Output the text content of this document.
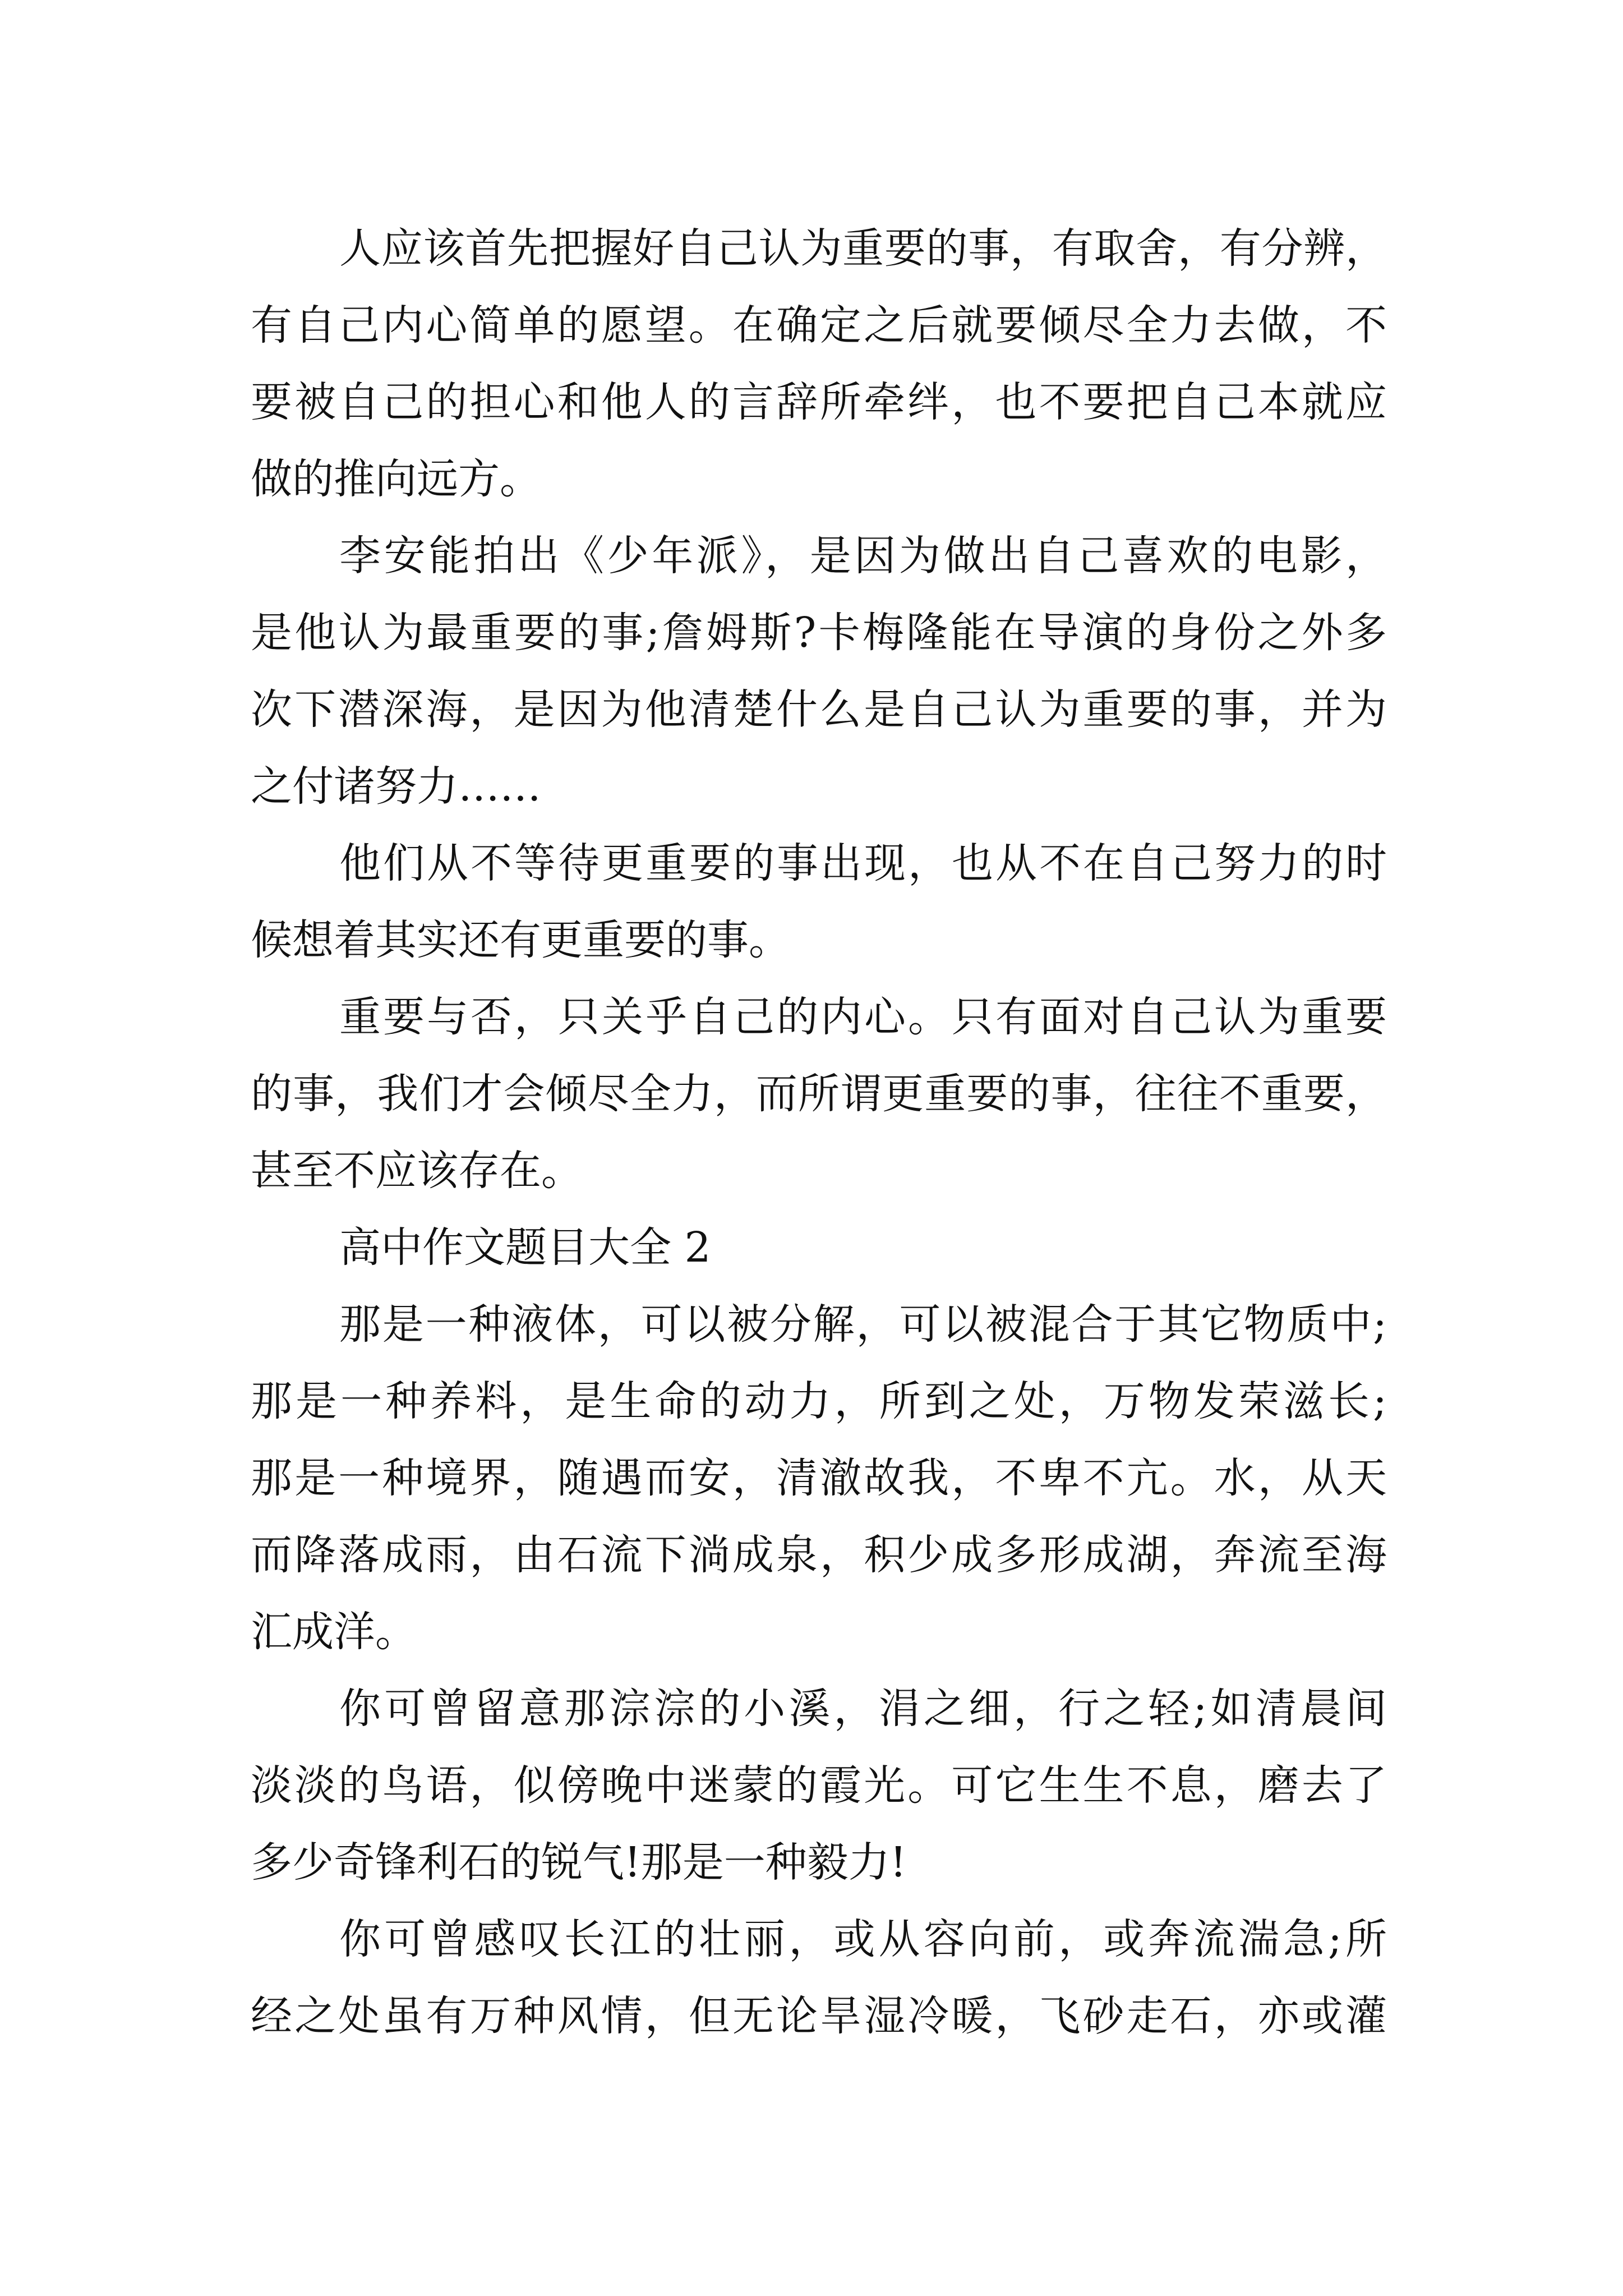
人应该首先把握好自己认为重要的事，有取舍，有分辨，
有自己内心简单的愿望。在确定之后就要倾尽全力去做，不
要被自己的担心和他人的言辞所牵绊，也不要把自己本就应
做的推向远方。
李安能拍出《少年派》，是因为做出自己喜欢的电影，
是他认为最重要的事;詹姆斯?卡梅隆能在导演的身份之外多
次下潜深海，是因为他清楚什么是自己认为重要的事，并为
之付诸努力……
他们从不等待更重要的事出现，也从不在自己努力的时
候想着其实还有更重要的事。
重要与否，只关乎自己的内心。只有面对自己认为重要
的事，我们才会倾尽全力，而所谓更重要的事，往往不重要，
甚至不应该存在。
高中作文题目大全 2
那是一种液体，可以被分解，可以被混合于其它物质中;
那是一种养料，是生命的动力，所到之处，万物发荣滋长;
那是一种境界，随遇而安，清澈故我，不卑不亢。水，从天
而降落成雨，由石流下淌成泉，积少成多形成湖，奔流至海
汇成洋。
你可曾留意那淙淙的小溪，涓之细，行之轻;如清晨间
淡淡的鸟语，似傍晚中迷蒙的霞光。可它生生不息，磨去了
多少奇锋利石的锐气!那是一种毅力!
你可曾感叹长江的壮丽，或从容向前，或奔流湍急;所
经之处虽有万种风情，但无论旱湿冷暖，飞砂走石，亦或灌
